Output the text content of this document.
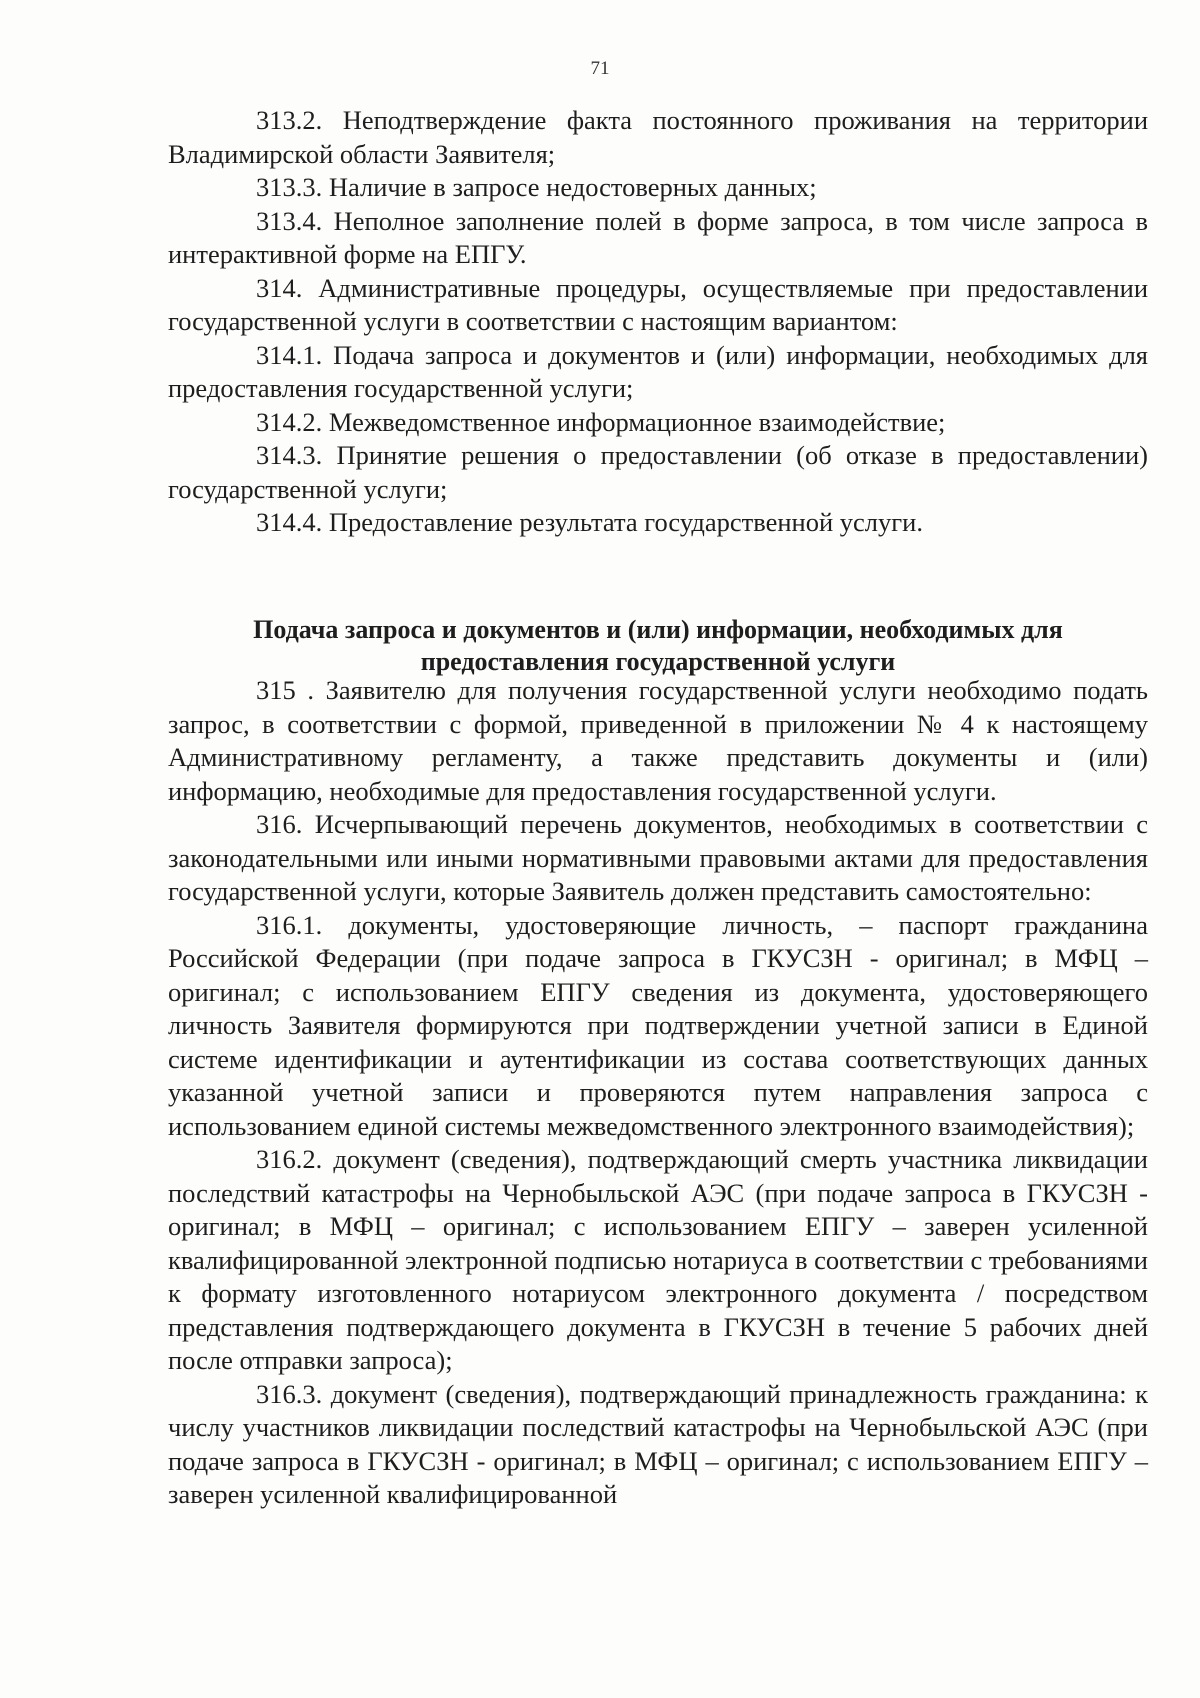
71

313.2. Неподтверждение факта постоянного проживания на территории Владимирской области Заявителя;

313.3. Наличие в запросе недостоверных данных;

313.4. Неполное заполнение полей в форме запроса, в том числе запроса в интерактивной форме на ЕПГУ.

314. Административные процедуры, осуществляемые при предоставлении государственной услуги в соответствии с настоящим вариантом:

314.1. Подача запроса и документов и (или) информации, необходимых для предоставления государственной услуги;

314.2. Межведомственное информационное взаимодействие;

314.3. Принятие решения о предоставлении (об отказе в предоставлении) государственной услуги;

314.4. Предоставление результата государственной услуги.

Подача запроса и документов и (или) информации, необходимых для предоставления государственной услуги

315 . Заявителю для получения государственной услуги необходимо подать запрос, в соответствии с формой, приведенной в приложении № 4 к настоящему Административному регламенту, а также представить документы и (или) информацию, необходимые для предоставления государственной услуги.

316. Исчерпывающий перечень документов, необходимых в соответствии с законодательными или иными нормативными правовыми актами для предоставления государственной услуги, которые Заявитель должен представить самостоятельно:

316.1. документы, удостоверяющие личность, – паспорт гражданина Российской Федерации (при подаче запроса в ГКУСЗН - оригинал; в МФЦ – оригинал; с использованием ЕПГУ сведения из документа, удостоверяющего личность Заявителя формируются при подтверждении учетной записи в Единой системе идентификации и аутентификации из состава соответствующих данных указанной учетной записи и проверяются путем направления запроса с использованием единой системы межведомственного электронного взаимодействия);

316.2. документ (сведения), подтверждающий смерть участника ликвидации последствий катастрофы на Чернобыльской АЭС (при подаче запроса в ГКУСЗН - оригинал; в МФЦ – оригинал; с использованием ЕПГУ – заверен усиленной квалифицированной электронной подписью нотариуса в соответствии с требованиями к формату изготовленного нотариусом электронного документа / посредством представления подтверждающего документа в ГКУСЗН в течение 5 рабочих дней после отправки запроса);

316.3. документ (сведения), подтверждающий принадлежность гражданина: к числу участников ликвидации последствий катастрофы на Чернобыльской АЭС (при подаче запроса в ГКУСЗН - оригинал; в МФЦ – оригинал; с использованием ЕПГУ – заверен усиленной квалифицированной
